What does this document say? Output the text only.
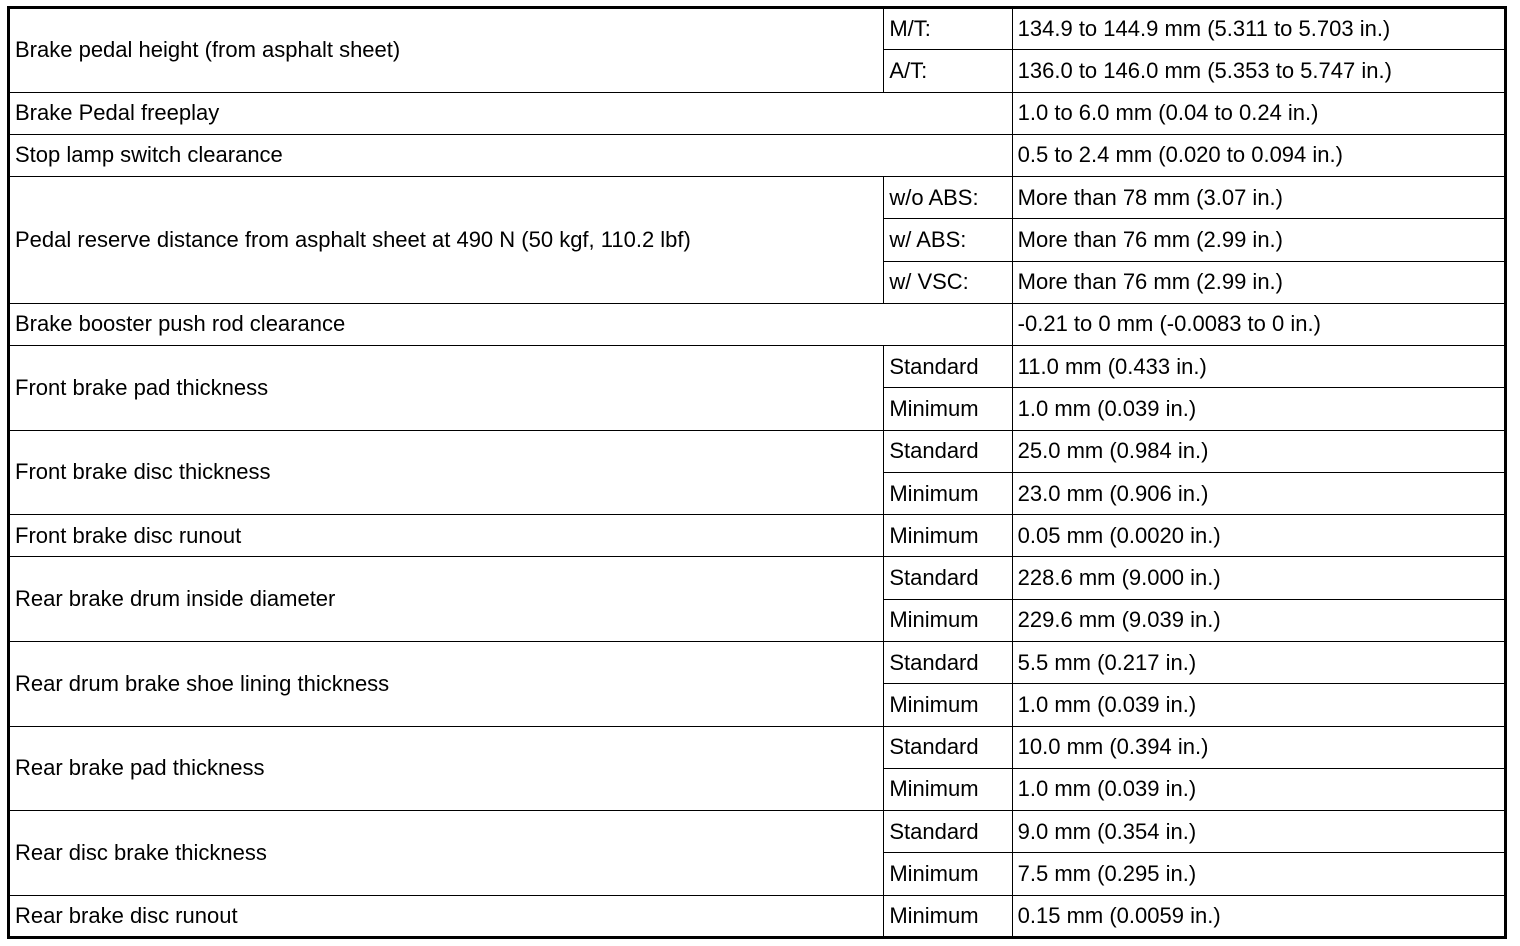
Brake pedal height (from asphalt sheet)	M/T:	134.9 to 144.9 mm (5.311 to 5.703 in.)
	A/T:	136.0 to 146.0 mm (5.353 to 5.747 in.)
Brake Pedal freeplay		1.0 to 6.0 mm (0.04 to 0.24 in.)
Stop lamp switch clearance		0.5 to 2.4 mm (0.020 to 0.094 in.)
Pedal reserve distance from asphalt sheet at 490 N (50 kgf, 110.2 lbf)	w/o ABS:	More than 78 mm (3.07 in.)
	w/ ABS:	More than 76 mm (2.99 in.)
	w/ VSC:	More than 76 mm (2.99 in.)
Brake booster push rod clearance		-0.21 to 0 mm (-0.0083 to 0 in.)
Front brake pad thickness	Standard	11.0 mm (0.433 in.)
	Minimum	1.0 mm (0.039 in.)
Front brake disc thickness	Standard	25.0 mm (0.984 in.)
	Minimum	23.0 mm (0.906 in.)
Front brake disc runout	Minimum	0.05 mm (0.0020 in.)
Rear brake drum inside diameter	Standard	228.6 mm (9.000 in.)
	Minimum	229.6 mm (9.039 in.)
Rear drum brake shoe lining thickness	Standard	5.5 mm (0.217 in.)
	Minimum	1.0 mm (0.039 in.)
Rear brake pad thickness	Standard	10.0 mm (0.394 in.)
	Minimum	1.0 mm (0.039 in.)
Rear disc brake thickness	Standard	9.0 mm (0.354 in.)
	Minimum	7.5 mm (0.295 in.)
Rear brake disc runout	Minimum	0.15 mm (0.0059 in.)
